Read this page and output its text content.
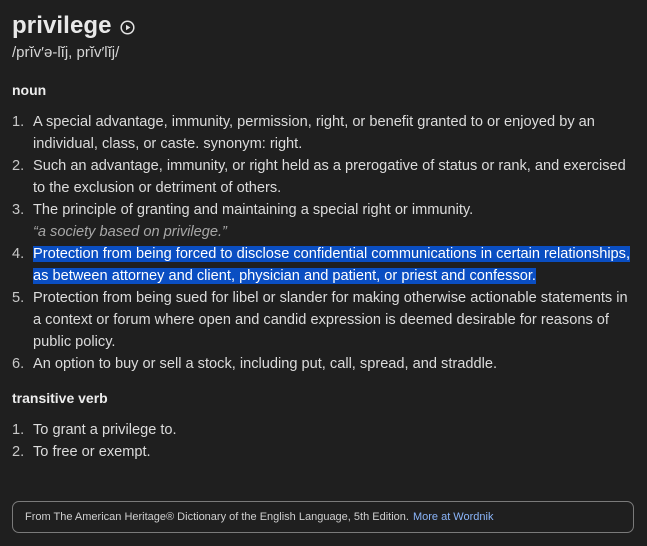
privilege
/prĭv′ə-lĭj, prĭv′lĭj/
noun
1. A special advantage, immunity, permission, right, or benefit granted to or enjoyed by an individual, class, or caste. synonym: right.
2. Such an advantage, immunity, or right held as a prerogative of status or rank, and exercised to the exclusion or detriment of others.
3. The principle of granting and maintaining a special right or immunity.
“a society based on privilege.”
4. Protection from being forced to disclose confidential communications in certain relationships, as between attorney and client, physician and patient, or priest and confessor.
5. Protection from being sued for libel or slander for making otherwise actionable statements in a context or forum where open and candid expression is deemed desirable for reasons of public policy.
6. An option to buy or sell a stock, including put, call, spread, and straddle.
transitive verb
1. To grant a privilege to.
2. To free or exempt.
From The American Heritage® Dictionary of the English Language, 5th Edition. More at Wordnik
